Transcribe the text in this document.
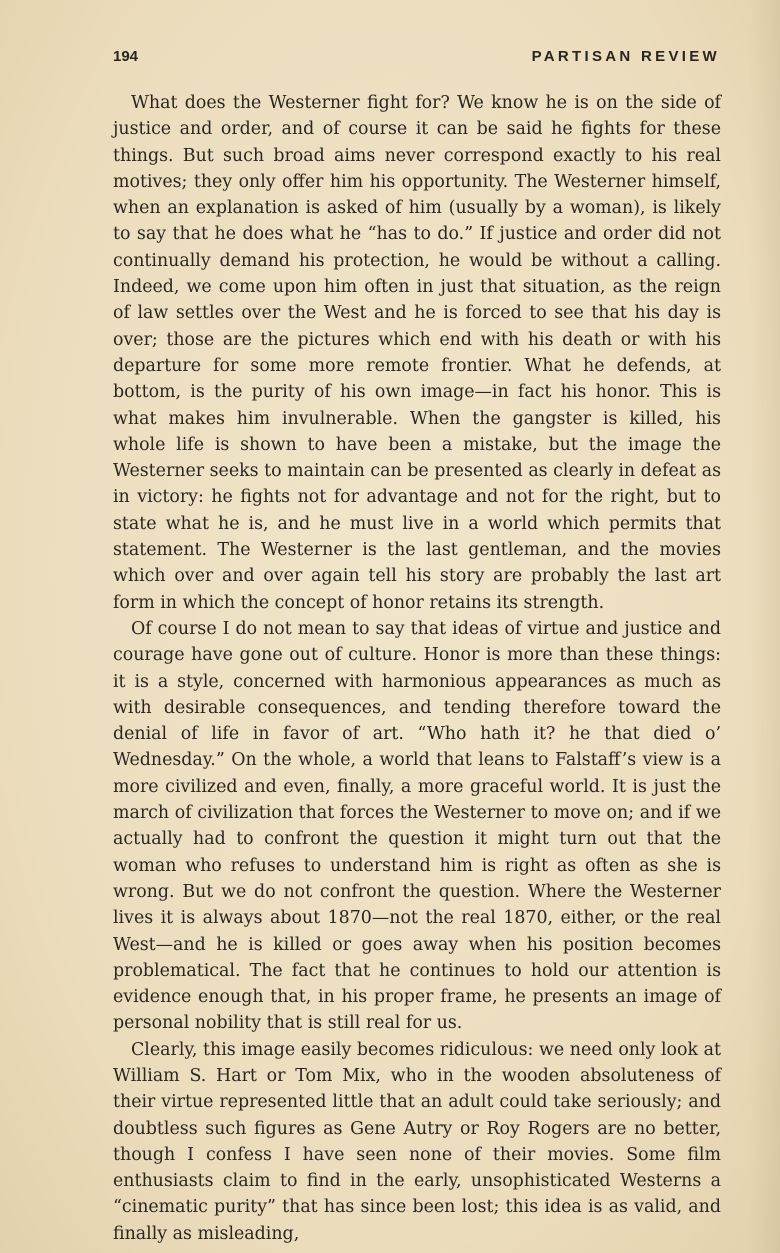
194	PARTISAN REVIEW

What does the Westerner fight for? We know he is on the side of justice and order, and of course it can be said he fights for these things. But such broad aims never correspond exactly to his real motives; they only offer him his opportunity. The Westerner himself, when an explanation is asked of him (usually by a woman), is likely to say that he does what he “has to do.” If justice and order did not continually demand his protection, he would be without a calling. Indeed, we come upon him often in just that situation, as the reign of law settles over the West and he is forced to see that his day is over; those are the pictures which end with his death or with his departure for some more remote frontier. What he defends, at bottom, is the purity of his own image—in fact his honor. This is what makes him invulnerable. When the gangster is killed, his whole life is shown to have been a mistake, but the image the Westerner seeks to maintain can be presented as clearly in defeat as in victory: he fights not for advantage and not for the right, but to state what he is, and he must live in a world which permits that statement. The Westerner is the last gentleman, and the movies which over and over again tell his story are probably the last art form in which the concept of honor retains its strength.

Of course I do not mean to say that ideas of virtue and justice and courage have gone out of culture. Honor is more than these things: it is a style, concerned with harmonious appearances as much as with desirable consequences, and tending therefore toward the denial of life in favor of art. “Who hath it? he that died o’ Wednesday.” On the whole, a world that leans to Falstaff’s view is a more civilized and even, finally, a more graceful world. It is just the march of civilization that forces the Westerner to move on; and if we actually had to confront the question it might turn out that the woman who refuses to understand him is right as often as she is wrong. But we do not confront the question. Where the Westerner lives it is always about 1870—not the real 1870, either, or the real West—and he is killed or goes away when his position becomes problematical. The fact that he continues to hold our attention is evidence enough that, in his proper frame, he presents an image of personal nobility that is still real for us.

Clearly, this image easily becomes ridiculous: we need only look at William S. Hart or Tom Mix, who in the wooden absoluteness of their virtue represented little that an adult could take seriously; and doubtless such figures as Gene Autry or Roy Rogers are no better, though I confess I have seen none of their movies. Some film enthusiasts claim to find in the early, unsophisticated Westerns a “cinematic purity” that has since been lost; this idea is as valid, and finally as misleading,
